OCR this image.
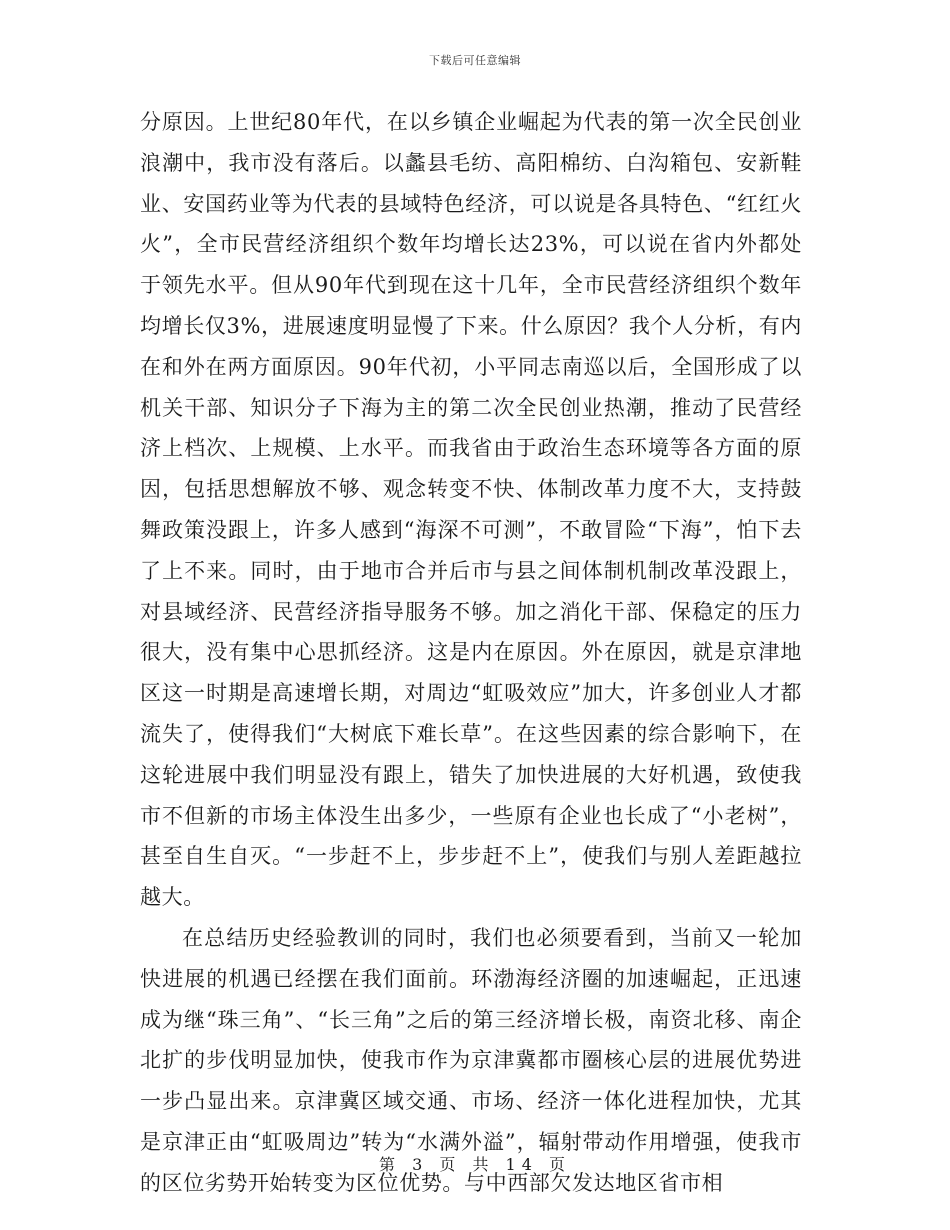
下载后可任意编辑

分原因。上世纪80年代，在以乡镇企业崛起为代表的第一次全民创业浪潮中，我市没有落后。以蠡县毛纺、高阳棉纺、白沟箱包、安新鞋业、安国药业等为代表的县域特色经济，可以说是各具特色、“红红火火”，全市民营经济组织个数年均增长达23%，可以说在省内外都处于领先水平。但从90年代到现在这十几年，全市民营经济组织个数年均增长仅3%，进展速度明显慢了下来。什么原因？我个人分析，有内在和外在两方面原因。90年代初，小平同志南巡以后，全国形成了以机关干部、知识分子下海为主的第二次全民创业热潮，推动了民营经济上档次、上规模、上水平。而我省由于政治生态环境等各方面的原因，包括思想解放不够、观念转变不快、体制改革力度不大，支持鼓舞政策没跟上，许多人感到“海深不可测”，不敢冒险“下海”，怕下去了上不来。同时，由于地市合并后市与县之间体制机制改革没跟上，对县域经济、民营经济指导服务不够。加之消化干部、保稳定的压力很大，没有集中心思抓经济。这是内在原因。外在原因，就是京津地区这一时期是高速增长期，对周边“虹吸效应”加大，许多创业人才都流失了，使得我们“大树底下难长草”。在这些因素的综合影响下，在这轮进展中我们明显没有跟上，错失了加快进展的大好机遇，致使我市不但新的市场主体没生出多少，一些原有企业也长成了“小老树”，甚至自生自灭。“一步赶不上，步步赶不上”，使我们与别人差距越拉越大。

在总结历史经验教训的同时，我们也必须要看到，当前又一轮加快进展的机遇已经摆在我们面前。环渤海经济圈的加速崛起，正迅速成为继“珠三角”、“长三角”之后的第三经济增长极，南资北移、南企北扩的步伐明显加快，使我市作为京津冀都市圈核心层的进展优势进一步凸显出来。京津冀区域交通、市场、经济一体化进程加快，尤其是京津正由“虹吸周边”转为“水满外溢”，辐射带动作用增强，使我市的区位劣势开始转变为区位优势。与中西部欠发达地区省市相

第 3 页 共 14 页
